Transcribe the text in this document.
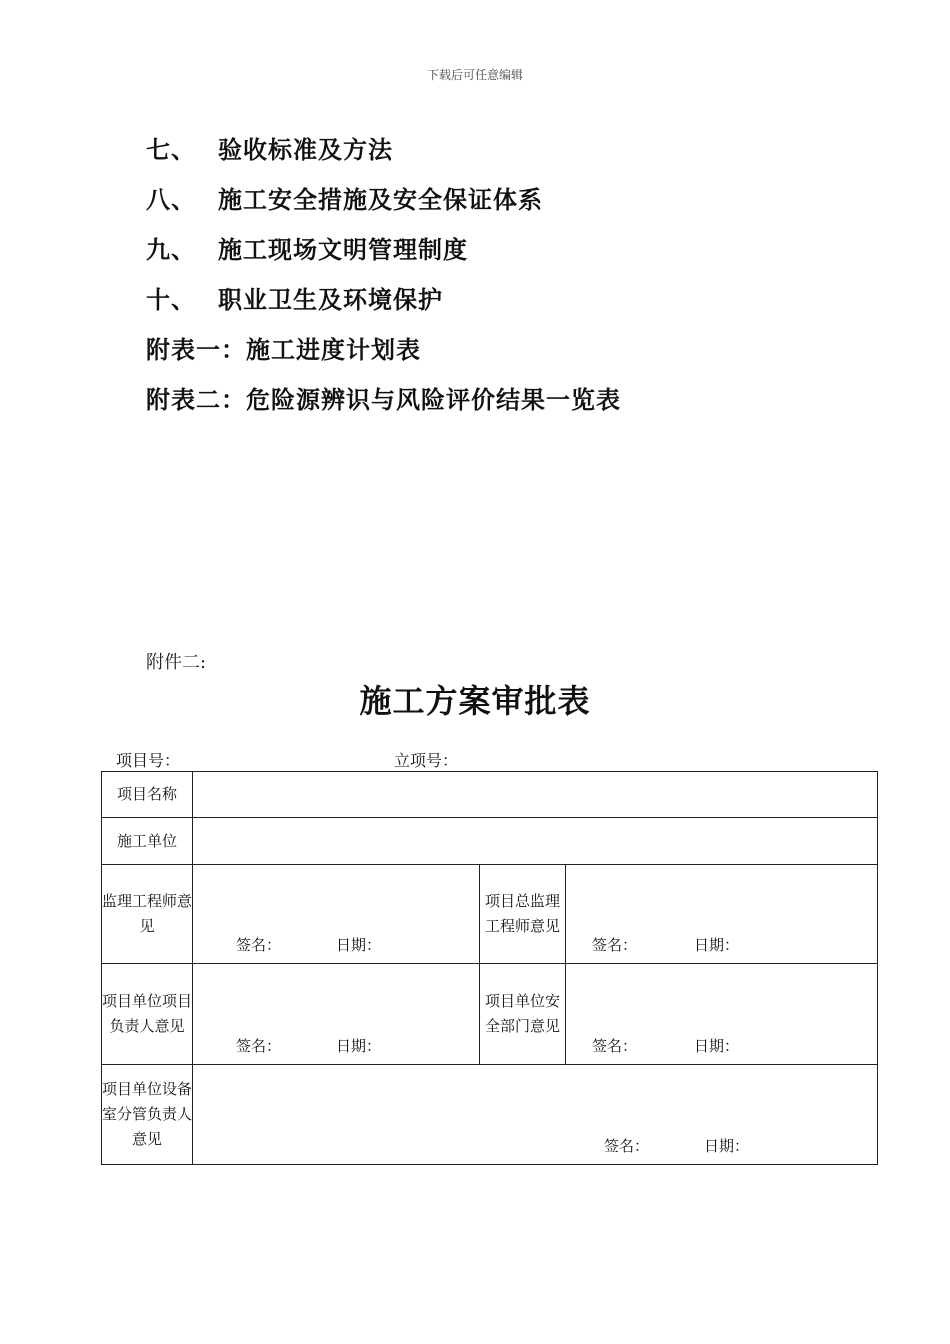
下载后可任意编辑
七、 验收标准及方法
八、 施工安全措施及安全保证体系
九、 施工现场文明管理制度
十、 职业卫生及环境保护
附表一：施工进度计划表
附表二：危险源辨识与风险评价结果一览表
附件二:
施工方案审批表
项目号：	立项号：
项目名称			
施工单位			
监理工程师意见	签名： 日期：	项目总监理工程师意见	签名： 日期：

项目单位项目负责人意见	签名： 日期：	项目单位安全部门意见	签名： 日期：

项目单位设备室分管负责人意见	签名： 日期：		
